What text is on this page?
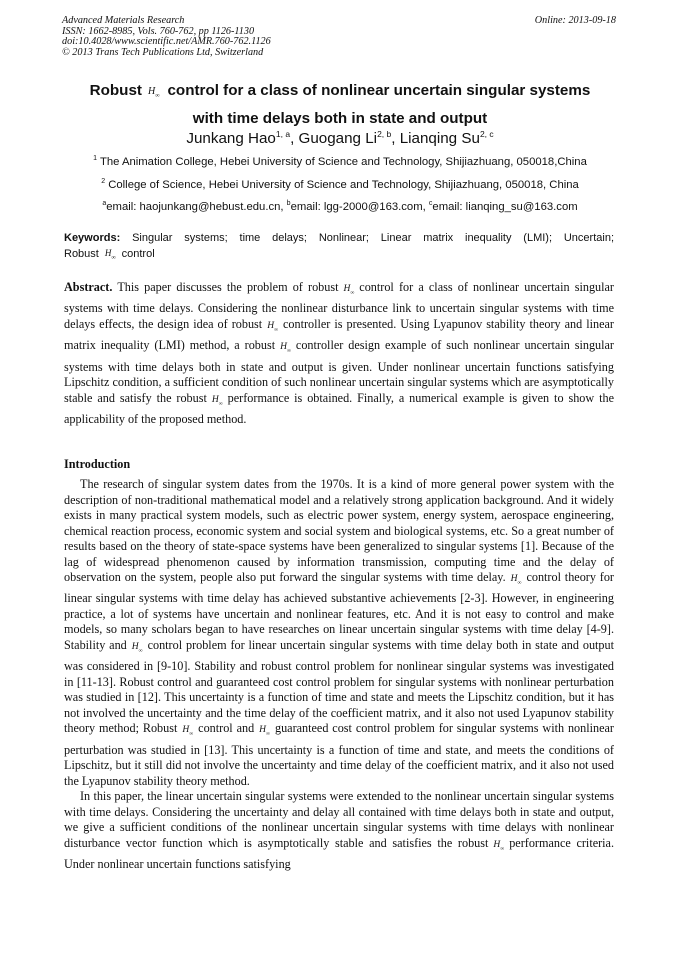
Advanced Materials Research
ISSN: 1662-8985, Vols. 760-762, pp 1126-1130
doi:10.4028/www.scientific.net/AMR.760-762.1126
© 2013 Trans Tech Publications Ltd, Switzerland
Online: 2013-09-18
Robust $H_\infty$ control for a class of nonlinear uncertain singular systems
with time delays both in state and output
Junkang Hao$^{1, a}$, Guogang Li$^{2, b}$, Lianqing Su$^{2, c}$
$^1$ The Animation College, Hebei University of Science and Technology, Shijiazhuang, 050018,China
$^2$ College of Science, Hebei University of Science and Technology, Shijiazhuang, 050018, China
$^a$email: haojunkang@hebust.edu.cn, $^b$email: lgg-2000@163.com, $^c$email: lianqing_su@163.com
Keywords: Singular systems; time delays; Nonlinear; Linear matrix inequality (LMI); Uncertain; Robust $H_\infty$ control

Abstract. This paper discusses the problem of robust $H_\infty$ control for a class of nonlinear uncertain singular systems with time delays. Considering the nonlinear disturbance link to uncertain singular systems with time delays effects, the design idea of robust $H_\infty$ controller is presented. Using Lyapunov stability theory and linear matrix inequality (LMI) method, a robust $H_\infty$ controller design example of such nonlinear uncertain singular systems with time delays both in state and output is given. Under nonlinear uncertain functions satisfying Lipschitz condition, a sufficient condition of such nonlinear uncertain singular systems which are asymptotically stable and satisfy the robust $H_\infty$ performance is obtained. Finally, a numerical example is given to show the applicability of the proposed method.

Introduction

The research of singular system dates from the 1970s. It is a kind of more general power system with the description of non-traditional mathematical model and a relatively strong application background. And it widely exists in many practical system models, such as electric power system, energy system, aerospace engineering, chemical reaction process, economic system and social system and biological systems, etc. So a great number of results based on the theory of state-space systems have been generalized to singular systems [1]. Because of the lag of widespread phenomenon caused by information transmission, computing time and the delay of observation on the system, people also put forward the singular systems with time delay. $H_\infty$ control theory for linear singular systems with time delay has achieved substantive achievements [2-3]. However, in engineering practice, a lot of systems have uncertain and nonlinear features, etc. And it is not easy to control and make models, so many scholars began to have researches on linear uncertain singular systems with time delay [4-9]. Stability and $H_\infty$ control problem for linear uncertain singular systems with time delay both in state and output was considered in [9-10]. Stability and robust control problem for nonlinear singular systems was investigated in [11-13]. Robust control and guaranteed cost control problem for singular systems with nonlinear perturbation was studied in [12]. This uncertainty is a function of time and state and meets the Lipschitz condition, but it has not involved the uncertainty and the time delay of the coefficient matrix, and it also not used Lyapunov stability theory method; Robust $H_\infty$ control and $H_\infty$ guaranteed cost control problem for singular systems with nonlinear perturbation was studied in [13]. This uncertainty is a function of time and state, and meets the conditions of Lipschitz, but it still did not involve the uncertainty and time delay of the coefficient matrix, and it also not used the Lyapunov stability theory method.

In this paper, the linear uncertain singular systems were extended to the nonlinear uncertain singular systems with time delays. Considering the uncertainty and delay all contained with time delays both in state and output, we give a sufficient conditions of the nonlinear uncertain singular systems with time delays with nonlinear disturbance vector function which is asymptotically stable and satisfies the robust $H_\infty$ performance criteria. Under nonlinear uncertain functions satisfying
